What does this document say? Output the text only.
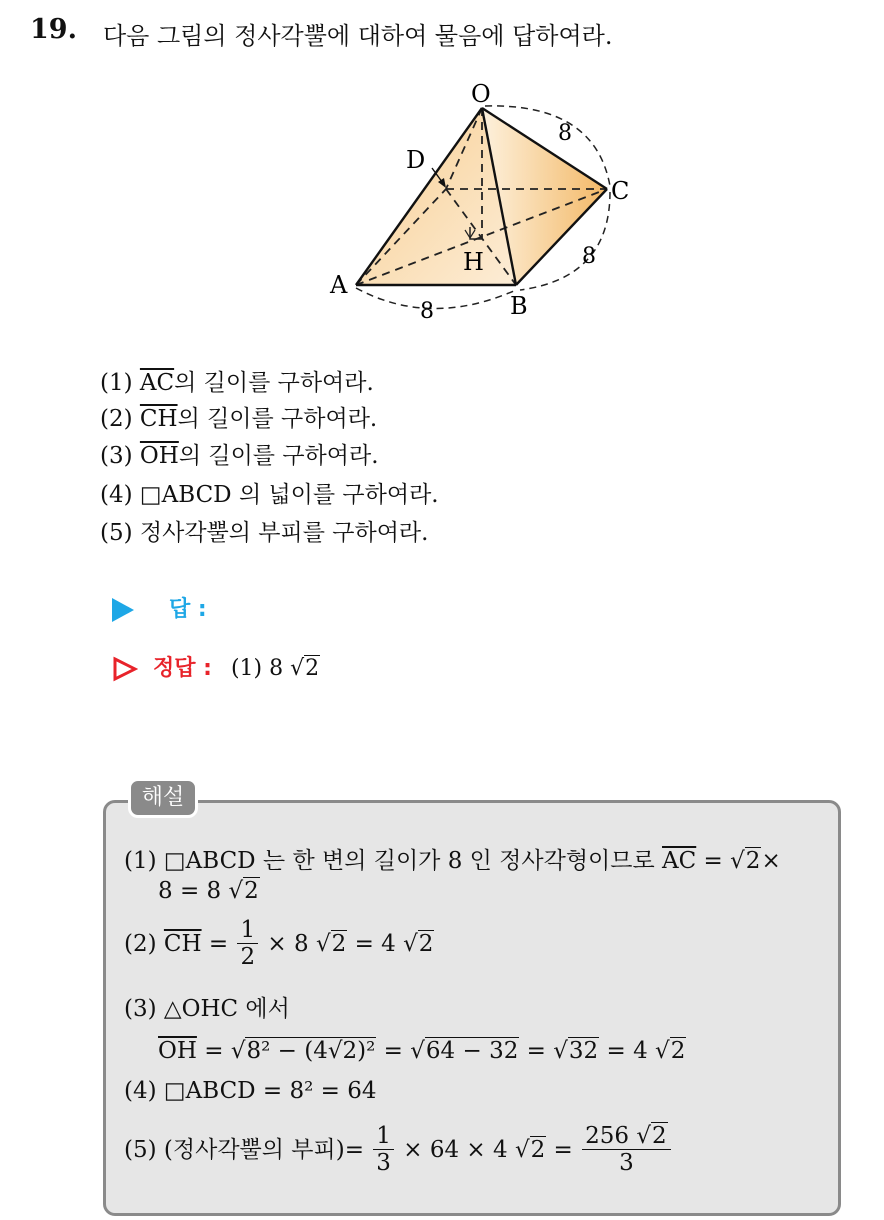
19. 다음 그림의 정사각뿔에 대하여 물음에 답하여라.
O
D
C
H
A
B
8
8
8
(1) $\overline{AC}$의 길이를 구하여라.
(2) $\overline{CH}$의 길이를 구하여라.
(3) $\overline{OH}$의 길이를 구하여라.
(4) □ABCD 의 넓이를 구하여라.
(5) 정사각뿔의 부피를 구하여라.
답 :
정답 : (1) 8 √2
해설
(1) □ABCD 는 한 변의 길이가 8 인 정사각형이므로 $\overline{AC} = √2\times$
8 = 8 √2
(2) $\overline{CH} = \frac{1}{2} \times 8$ √2 = 4 √2
(3) △OHC 에서
$\overline{OH} = √8^2 - (4√2)^2 = √64 - 32 = √32 = 4$ √2
(4) □ABCD = 8² = 64
(5) (정사각뿔의 부피)= $\frac{1}{3} \times 64 \times 4$ $√2 = \frac{256 √2}{3}$
